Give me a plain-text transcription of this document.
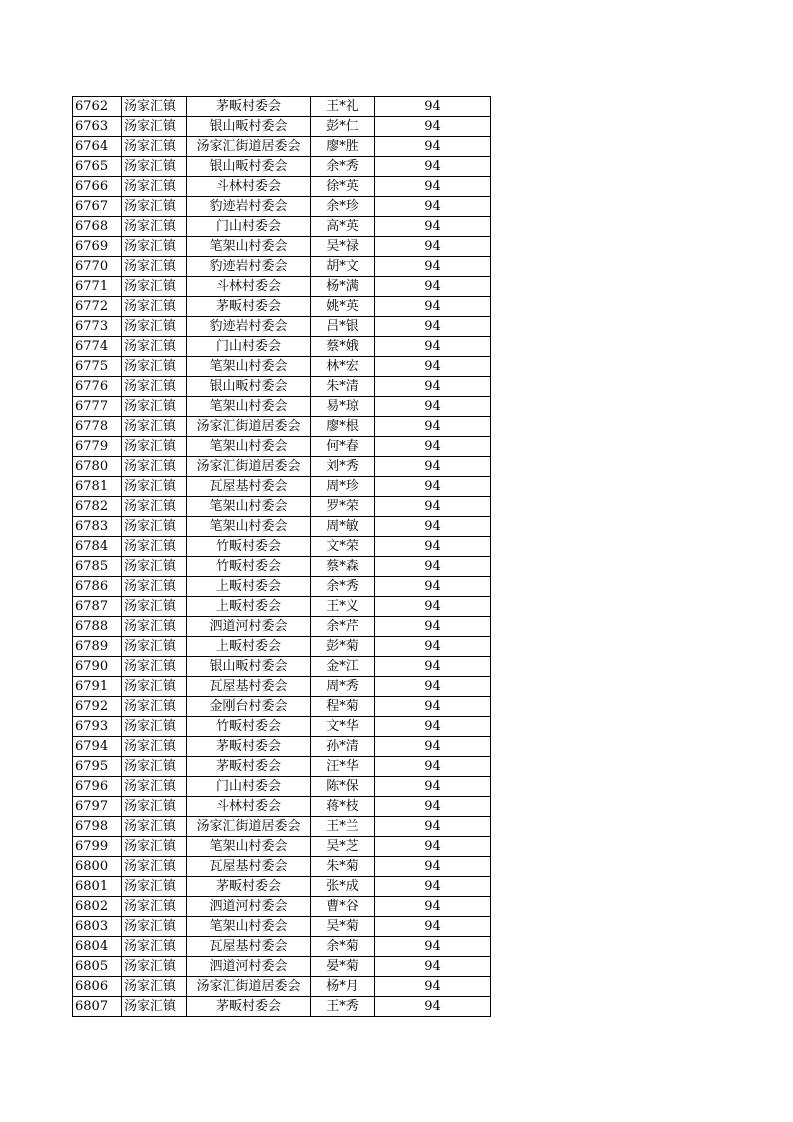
6762	汤家汇镇	茅畈村委会	王*礼	94
6763	汤家汇镇	银山畈村委会	彭*仁	94
6764	汤家汇镇	汤家汇街道居委会	廖*胜	94
6765	汤家汇镇	银山畈村委会	余*秀	94
6766	汤家汇镇	斗林村委会	徐*英	94
6767	汤家汇镇	豹迹岩村委会	余*珍	94
6768	汤家汇镇	门山村委会	高*英	94
6769	汤家汇镇	笔架山村委会	吴*禄	94
6770	汤家汇镇	豹迹岩村委会	胡*文	94
6771	汤家汇镇	斗林村委会	杨*满	94
6772	汤家汇镇	茅畈村委会	姚*英	94
6773	汤家汇镇	豹迹岩村委会	吕*银	94
6774	汤家汇镇	门山村委会	蔡*娥	94
6775	汤家汇镇	笔架山村委会	林*宏	94
6776	汤家汇镇	银山畈村委会	朱*清	94
6777	汤家汇镇	笔架山村委会	易*琼	94
6778	汤家汇镇	汤家汇街道居委会	廖*根	94
6779	汤家汇镇	笔架山村委会	何*春	94
6780	汤家汇镇	汤家汇街道居委会	刘*秀	94
6781	汤家汇镇	瓦屋基村委会	周*珍	94
6782	汤家汇镇	笔架山村委会	罗*荣	94
6783	汤家汇镇	笔架山村委会	周*敏	94
6784	汤家汇镇	竹畈村委会	文*荣	94
6785	汤家汇镇	竹畈村委会	蔡*森	94
6786	汤家汇镇	上畈村委会	余*秀	94
6787	汤家汇镇	上畈村委会	王*义	94
6788	汤家汇镇	泗道河村委会	余*芹	94
6789	汤家汇镇	上畈村委会	彭*菊	94
6790	汤家汇镇	银山畈村委会	金*江	94
6791	汤家汇镇	瓦屋基村委会	周*秀	94
6792	汤家汇镇	金刚台村委会	程*菊	94
6793	汤家汇镇	竹畈村委会	文*华	94
6794	汤家汇镇	茅畈村委会	孙*清	94
6795	汤家汇镇	茅畈村委会	汪*华	94
6796	汤家汇镇	门山村委会	陈*保	94
6797	汤家汇镇	斗林村委会	蒋*枝	94
6798	汤家汇镇	汤家汇街道居委会	王*兰	94
6799	汤家汇镇	笔架山村委会	吴*芝	94
6800	汤家汇镇	瓦屋基村委会	朱*菊	94
6801	汤家汇镇	茅畈村委会	张*成	94
6802	汤家汇镇	泗道河村委会	曹*谷	94
6803	汤家汇镇	笔架山村委会	吴*菊	94
6804	汤家汇镇	瓦屋基村委会	余*菊	94
6805	汤家汇镇	泗道河村委会	晏*菊	94
6806	汤家汇镇	汤家汇街道居委会	杨*月	94
6807	汤家汇镇	茅畈村委会	王*秀	94
